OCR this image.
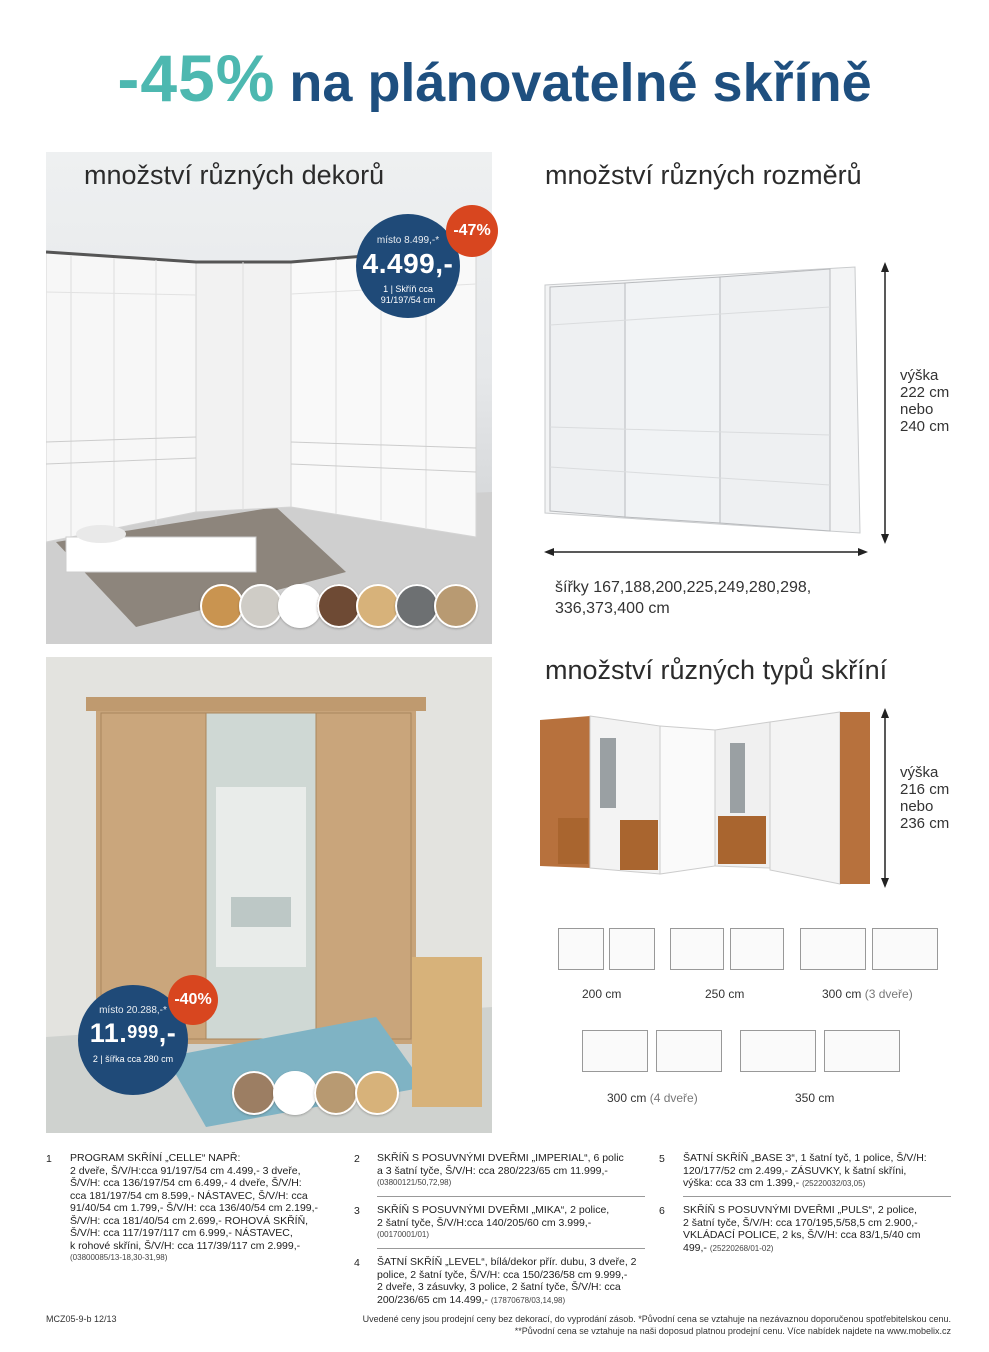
-45% na plánovatelné skříně
množství různých dekorů
místo 8.499,-*
4.499,-
1 | Skříň cca
91/197/54 cm
-47%
místo 20.288,-*
11.$^{999}$,-
2 | šířka cca 280 cm
-40%
množství různých rozměrů
výška
222 cm
nebo
240 cm
šířky 167,188,200,225,249,280,298,
336,373,400 cm
množství různých typů skříní
výška
216 cm
nebo
236 cm
200 cm	250 cm	300 cm (3 dveře)
300 cm (4 dveře)	350 cm
1 PROGRAM SKŘÍNÍ „CELLE“ NAPŘ:
2 dveře, Š/V/H:cca 91/197/54 cm 4.499,- 3 dveře,
Š/V/H: cca 136/197/54 cm 6.499,- 4 dveře, Š/V/H:
cca 181/197/54 cm 8.599,- NÁSTAVEC, Š/V/H: cca
91/40/54 cm 1.799,- Š/V/H: cca 136/40/54 cm 2.199,-
Š/V/H: cca 181/40/54 cm 2.699,- ROHOVÁ SKŘÍŇ,
Š/V/H: cca 117/197/117 cm 6.999,- NÁSTAVEC,
k rohové skříni, Š/V/H: cca 117/39/117 cm 2.999,-
(03800085/13-18,30-31,98)
2 SKŘÍŇ S POSUVNÝMI DVEŘMI „IMPERIAL“, 6 polic
a 3 šatní tyče, Š/V/H: cca 280/223/65 cm 11.999,-
(03800121/50,72,98)
3 SKŘÍŇ S POSUVNÝMI DVEŘMI „MIKA“, 2 police,
2 šatní tyče, Š/V/H:cca 140/205/60 cm 3.999,-
(00170001/01)
4 ŠATNÍ SKŘÍŇ „LEVEL“, bílá/dekor přír. dubu, 3 dveře, 2
police, 2 šatní tyče, Š/V/H: cca 150/236/58 cm 9.999,-
2 dveře, 3 zásuvky, 3 police, 2 šatní tyče, Š/V/H: cca
200/236/65 cm 14.499,- (17870678/03,14,98)
5 ŠATNÍ SKŘÍŇ „BASE 3“, 1 šatní tyč, 1 police, Š/V/H:
120/177/52 cm 2.499,- ZÁSUVKY, k šatní skříni,
výška: cca 33 cm 1.399,- (25220032/03,05)
6 SKŘÍŇ S POSUVNÝMI DVEŘMI „PULS“, 2 police,
2 šatní tyče, Š/V/H: cca 170/195,5/58,5 cm 2.900,-
VKLÁDACÍ POLICE, 2 ks, Š/V/H: cca 83/1,5/40 cm
499,- (25220268/01-02)
MCZ05-9-b 12/13	Uvedené ceny jsou prodejní ceny bez dekorací, do vyprodání zásob. *Původní cena se vztahuje na nezávaznou doporučenou spotřebitelskou cenu.
**Původní cena se vztahuje na naši doposud platnou prodejní cenu. Více nabídek najdete na www.mobelix.cz
